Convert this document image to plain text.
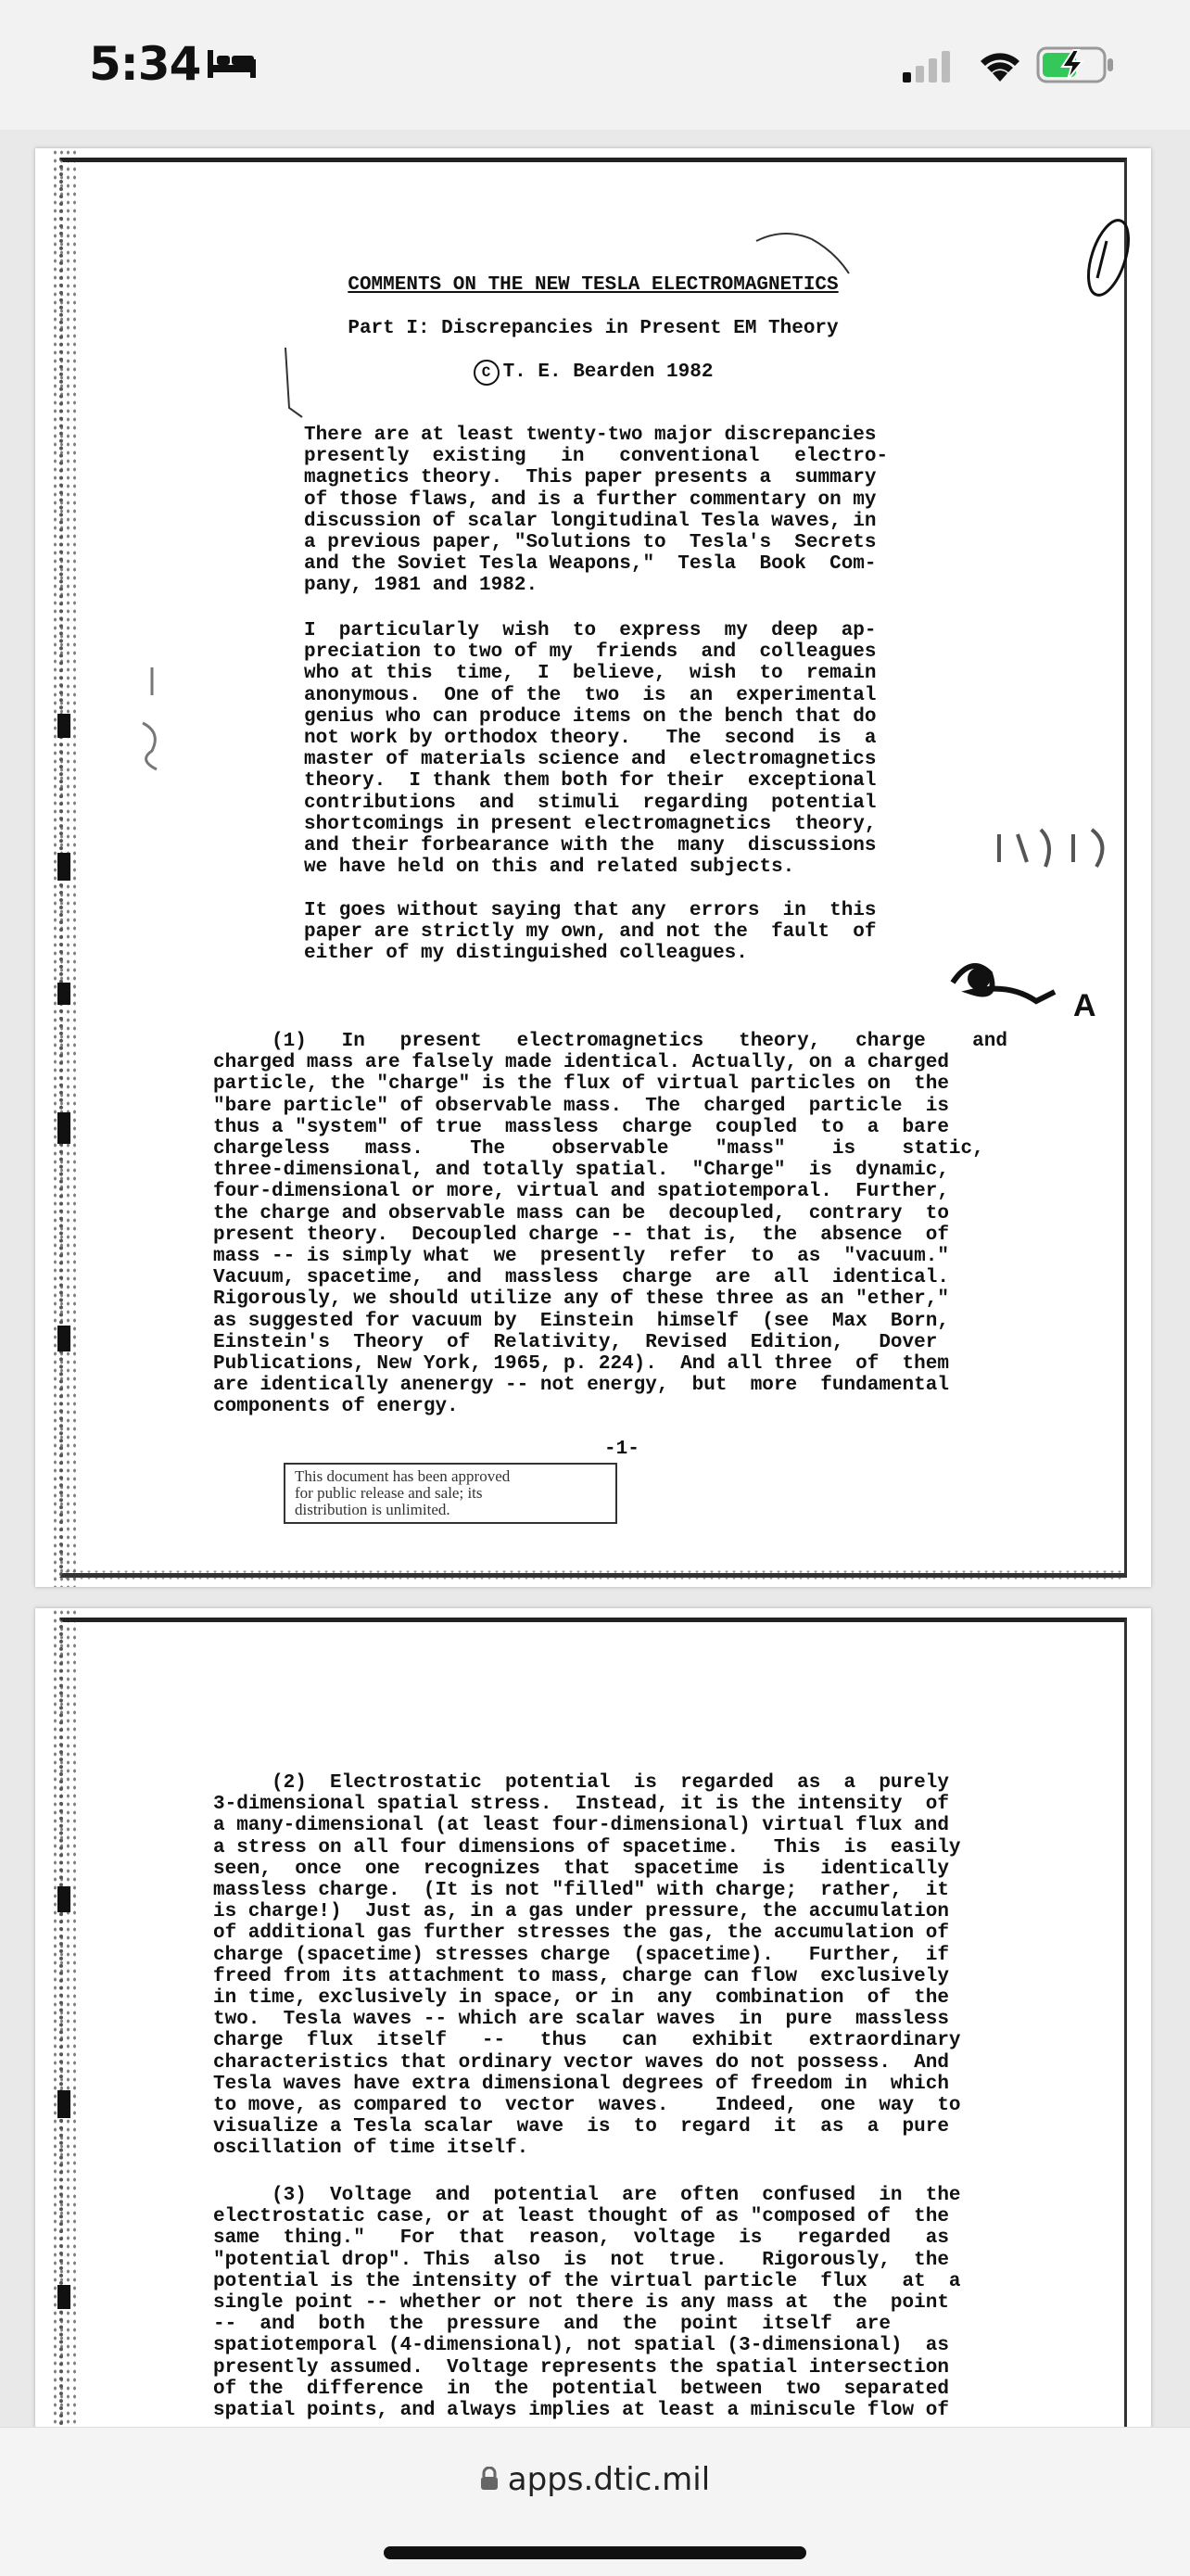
5:34
A
COMMENTS ON THE NEW TESLA ELECTROMAGNETICS
Part I: Discrepancies in Present EM Theory
C T. E. Bearden 1982
There are at least twenty-two major discrepancies
presently  existing   in   conventional   electro-
magnetics theory.  This paper presents a  summary
of those flaws, and is a further commentary on my
discussion of scalar longitudinal Tesla waves, in
a previous paper, "Solutions to  Tesla's  Secrets
and the Soviet Tesla Weapons,"  Tesla  Book  Com-
pany, 1981 and 1982.
I  particularly  wish  to  express  my  deep  ap-
preciation to two of my  friends  and  colleagues
who at this  time,  I  believe,  wish  to  remain
anonymous.  One of the  two  is  an  experimental
genius who can produce items on the bench that do
not work by orthodox theory.   The  second  is  a
master of materials science and  electromagnetics
theory.  I thank them both for their  exceptional
contributions  and  stimuli  regarding  potential
shortcomings in present electromagnetics  theory,
and their forbearance with the  many  discussions
we have held on this and related subjects.
It goes without saying that any  errors  in  this
paper are strictly my own, and not the  fault  of
either of my distinguished colleagues.
(1)   In   present   electromagnetics   theory,   charge    and
charged mass are falsely made identical. Actually, on a charged
particle, the "charge" is the flux of virtual particles on  the
"bare particle" of observable mass.  The  charged  particle  is
thus a "system" of true  massless  charge  coupled  to  a  bare
chargeless   mass.    The    observable    "mass"    is    static,
three-dimensional, and totally spatial.  "Charge"  is  dynamic,
four-dimensional or more, virtual and spatiotemporal.  Further,
the charge and observable mass can be  decoupled,  contrary  to
present theory.  Decoupled charge -- that is,  the  absence  of
mass -- is simply what  we  presently  refer  to  as  "vacuum."
Vacuum, spacetime,  and  massless  charge  are  all  identical.
Rigorously, we should utilize any of these three as an "ether,"
as suggested for vacuum by  Einstein  himself  (see  Max  Born,
Einstein's  Theory  of  Relativity,  Revised  Edition,   Dover
Publications, New York, 1965, p. 224).  And all three  of  them
are identically anenergy -- not energy,  but  more  fundamental
components of energy.
-1-
This document has been approved
for public release and sale; its
distribution is unlimited.
(2)  Electrostatic  potential  is  regarded  as  a  purely
3-dimensional spatial stress.  Instead, it is the intensity  of
a many-dimensional (at least four-dimensional) virtual flux and
a stress on all four dimensions of spacetime.   This  is  easily
seen,  once  one  recognizes  that  spacetime  is   identically
massless charge.  (It is not "filled" with charge;  rather,  it
is charge!)  Just as, in a gas under pressure, the accumulation
of additional gas further stresses the gas, the accumulation of
charge (spacetime) stresses charge  (spacetime).   Further,  if
freed from its attachment to mass, charge can flow  exclusively
in time, exclusively in space, or in  any  combination  of  the
two.  Tesla waves -- which are scalar waves  in  pure  massless
charge  flux  itself   --   thus   can   exhibit   extraordinary
characteristics that ordinary vector waves do not possess.  And
Tesla waves have extra dimensional degrees of freedom in  which
to move, as compared to  vector  waves.    Indeed,  one  way  to
visualize a Tesla scalar  wave  is  to  regard  it  as  a  pure
oscillation of time itself.
(3)  Voltage  and  potential  are  often  confused  in  the
electrostatic case, or at least thought of as "composed of  the
same  thing."   For  that  reason,  voltage  is   regarded   as
"potential drop". This  also  is  not  true.   Rigorously,  the
potential is the intensity of the virtual particle  flux   at  a
single point -- whether or not there is any mass at  the  point
--  and  both  the  pressure  and  the  point  itself  are
spatiotemporal (4-dimensional), not spatial (3-dimensional)  as
presently assumed.  Voltage represents the spatial intersection
of the  difference  in  the  potential  between  two  separated
spatial points, and always implies at least a miniscule flow of
apps.dtic.mil
